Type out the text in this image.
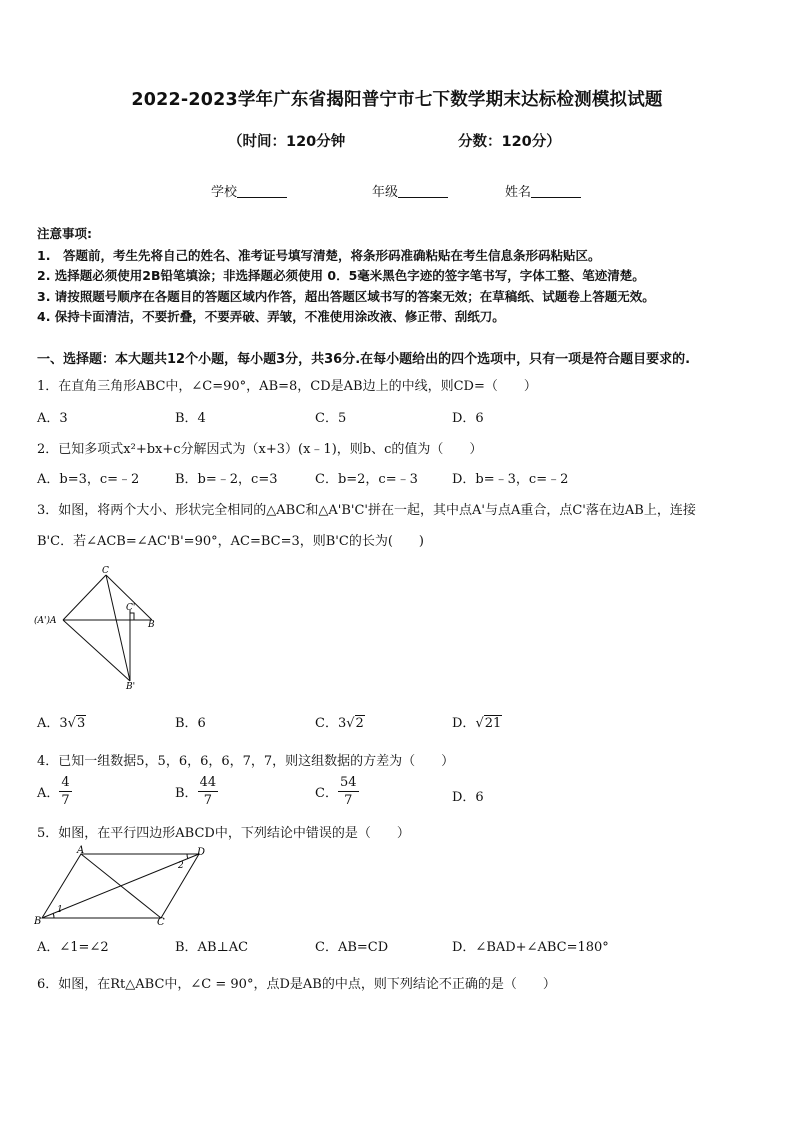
2022-2023学年广东省揭阳普宁市七下数学期末达标检测模拟试题
（时间：120分钟	分数：120分）
学校	年级	姓名
注意事项:
1.　答题前，考生先将自己的姓名、准考证号填写清楚，将条形码准确粘贴在考生信息条形码粘贴区。
2. 选择题必须使用2B铅笔填涂；非选择题必须使用 0．5毫米黑色字迹的签字笔书写，字体工整、笔迹清楚。
3. 请按照题号顺序在各题目的答题区域内作答，超出答题区域书写的答案无效；在草稿纸、试题卷上答题无效。
4. 保持卡面清洁，不要折叠，不要弄破、弄皱，不准使用涂改液、修正带、刮纸刀。
一、选择题：本大题共12个小题，每小题3分，共36分.在每小题给出的四个选项中，只有一项是符合题目要求的.
1．在直角三角形ABC中，∠C=90°，AB=8，CD是AB边上的中线，则CD=（　　）
A．3	B．4	C．5	D．6
2．已知多项式x²+bx+c分解因式为（x+3）(x﹣1)，则b、c的值为（　　）
A．b=3，c=﹣2	B．b=﹣2，c=3	C．b=2，c=﹣3	D．b=﹣3，c=﹣2
3．如图，将两个大小、形状完全相同的△ABC和△A'B'C'拼在一起，其中点A'与点A重合，点C'落在边AB上，连接
B'C．若∠ACB=∠AC'B'=90°，AC=BC=3，则B'C的长为(　　)
C
(A')A
C'
B
B'
A．3√3	B．6	C．3√2	D．√21
4．已知一组数据5，5，6，6，6，7，7，则这组数据的方差为（　　）
A． $\frac{4}{7}$	B． $\frac{44}{7}$	C． $\frac{54}{7}$	D．6
5．如图，在平行四边形ABCD中，下列结论中错误的是（　　）
A	D
B	C
1
2
A．∠1=∠2	B．AB⊥AC	C．AB=CD	D．∠BAD+∠ABC=180°
6．如图，在Rt△ABC中，∠C = 90°，点D是AB的中点，则下列结论不正确的是（　　）
